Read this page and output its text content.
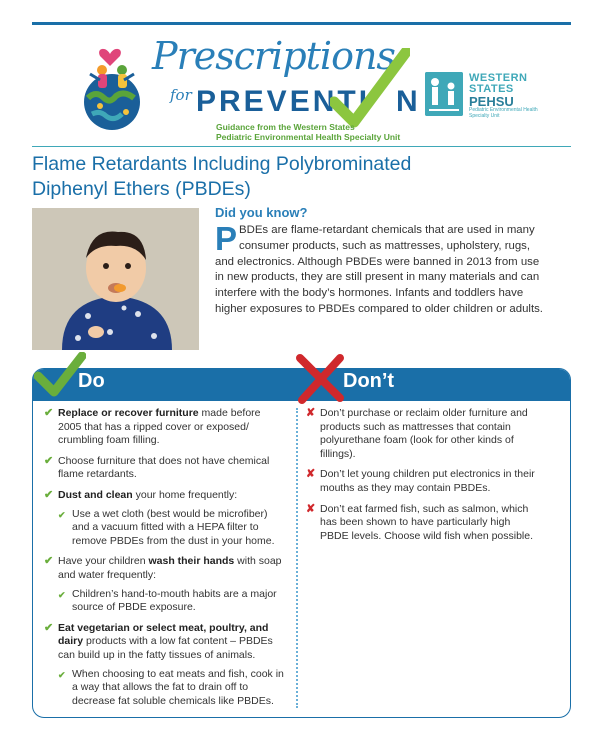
Prescriptions
for PREVENTI N
Guidance from the Western States
Pediatric Environmental Health Specialty Unit
WESTERN
STATES
PEHSU
Pediatric Environmental Health Specialty Unit
Flame Retardants Including Polybrominated
Diphenyl Ethers (PBDEs)
Did you know?
P BDEs are flame-retardant chemicals that are used in many consumer products, such as mattresses, upholstery, rugs, and electronics. Although PBDEs were banned in 2013 from use in new products, they are still present in many materials and can interfere with the body’s hormones. Infants and toddlers have higher exposures to PBDEs compared to older children or adults.
Do	Don’t
✔ Replace or recover furniture made before 2005 that has a ripped cover or exposed/ crumbling foam filling.
✔ Choose furniture that does not have chemical flame retardants.
✔ Dust and clean your home frequently:
✔ Use a wet cloth (best would be microfiber) and a vacuum fitted with a HEPA filter to remove PBDEs from the dust in your home.
✔ Have your children wash their hands with soap and water frequently:
✔ Children’s hand-to-mouth habits are a major source of PBDE exposure.
✔ Eat vegetarian or select meat, poultry, and dairy products with a low fat content – PBDEs can build up in the fatty tissues of animals.
✔ When choosing to eat meats and fish, cook in a way that allows the fat to drain off to decrease fat soluble chemicals like PBDEs.
✘ Don’t purchase or reclaim older furniture and products such as mattresses that contain polyurethane foam (look for other kinds of fillings).
✘ Don’t let young children put electronics in their mouths as they may contain PBDEs.
✘ Don’t eat farmed fish, such as salmon, which has been shown to have particularly high PBDE levels. Choose wild fish when possible.
